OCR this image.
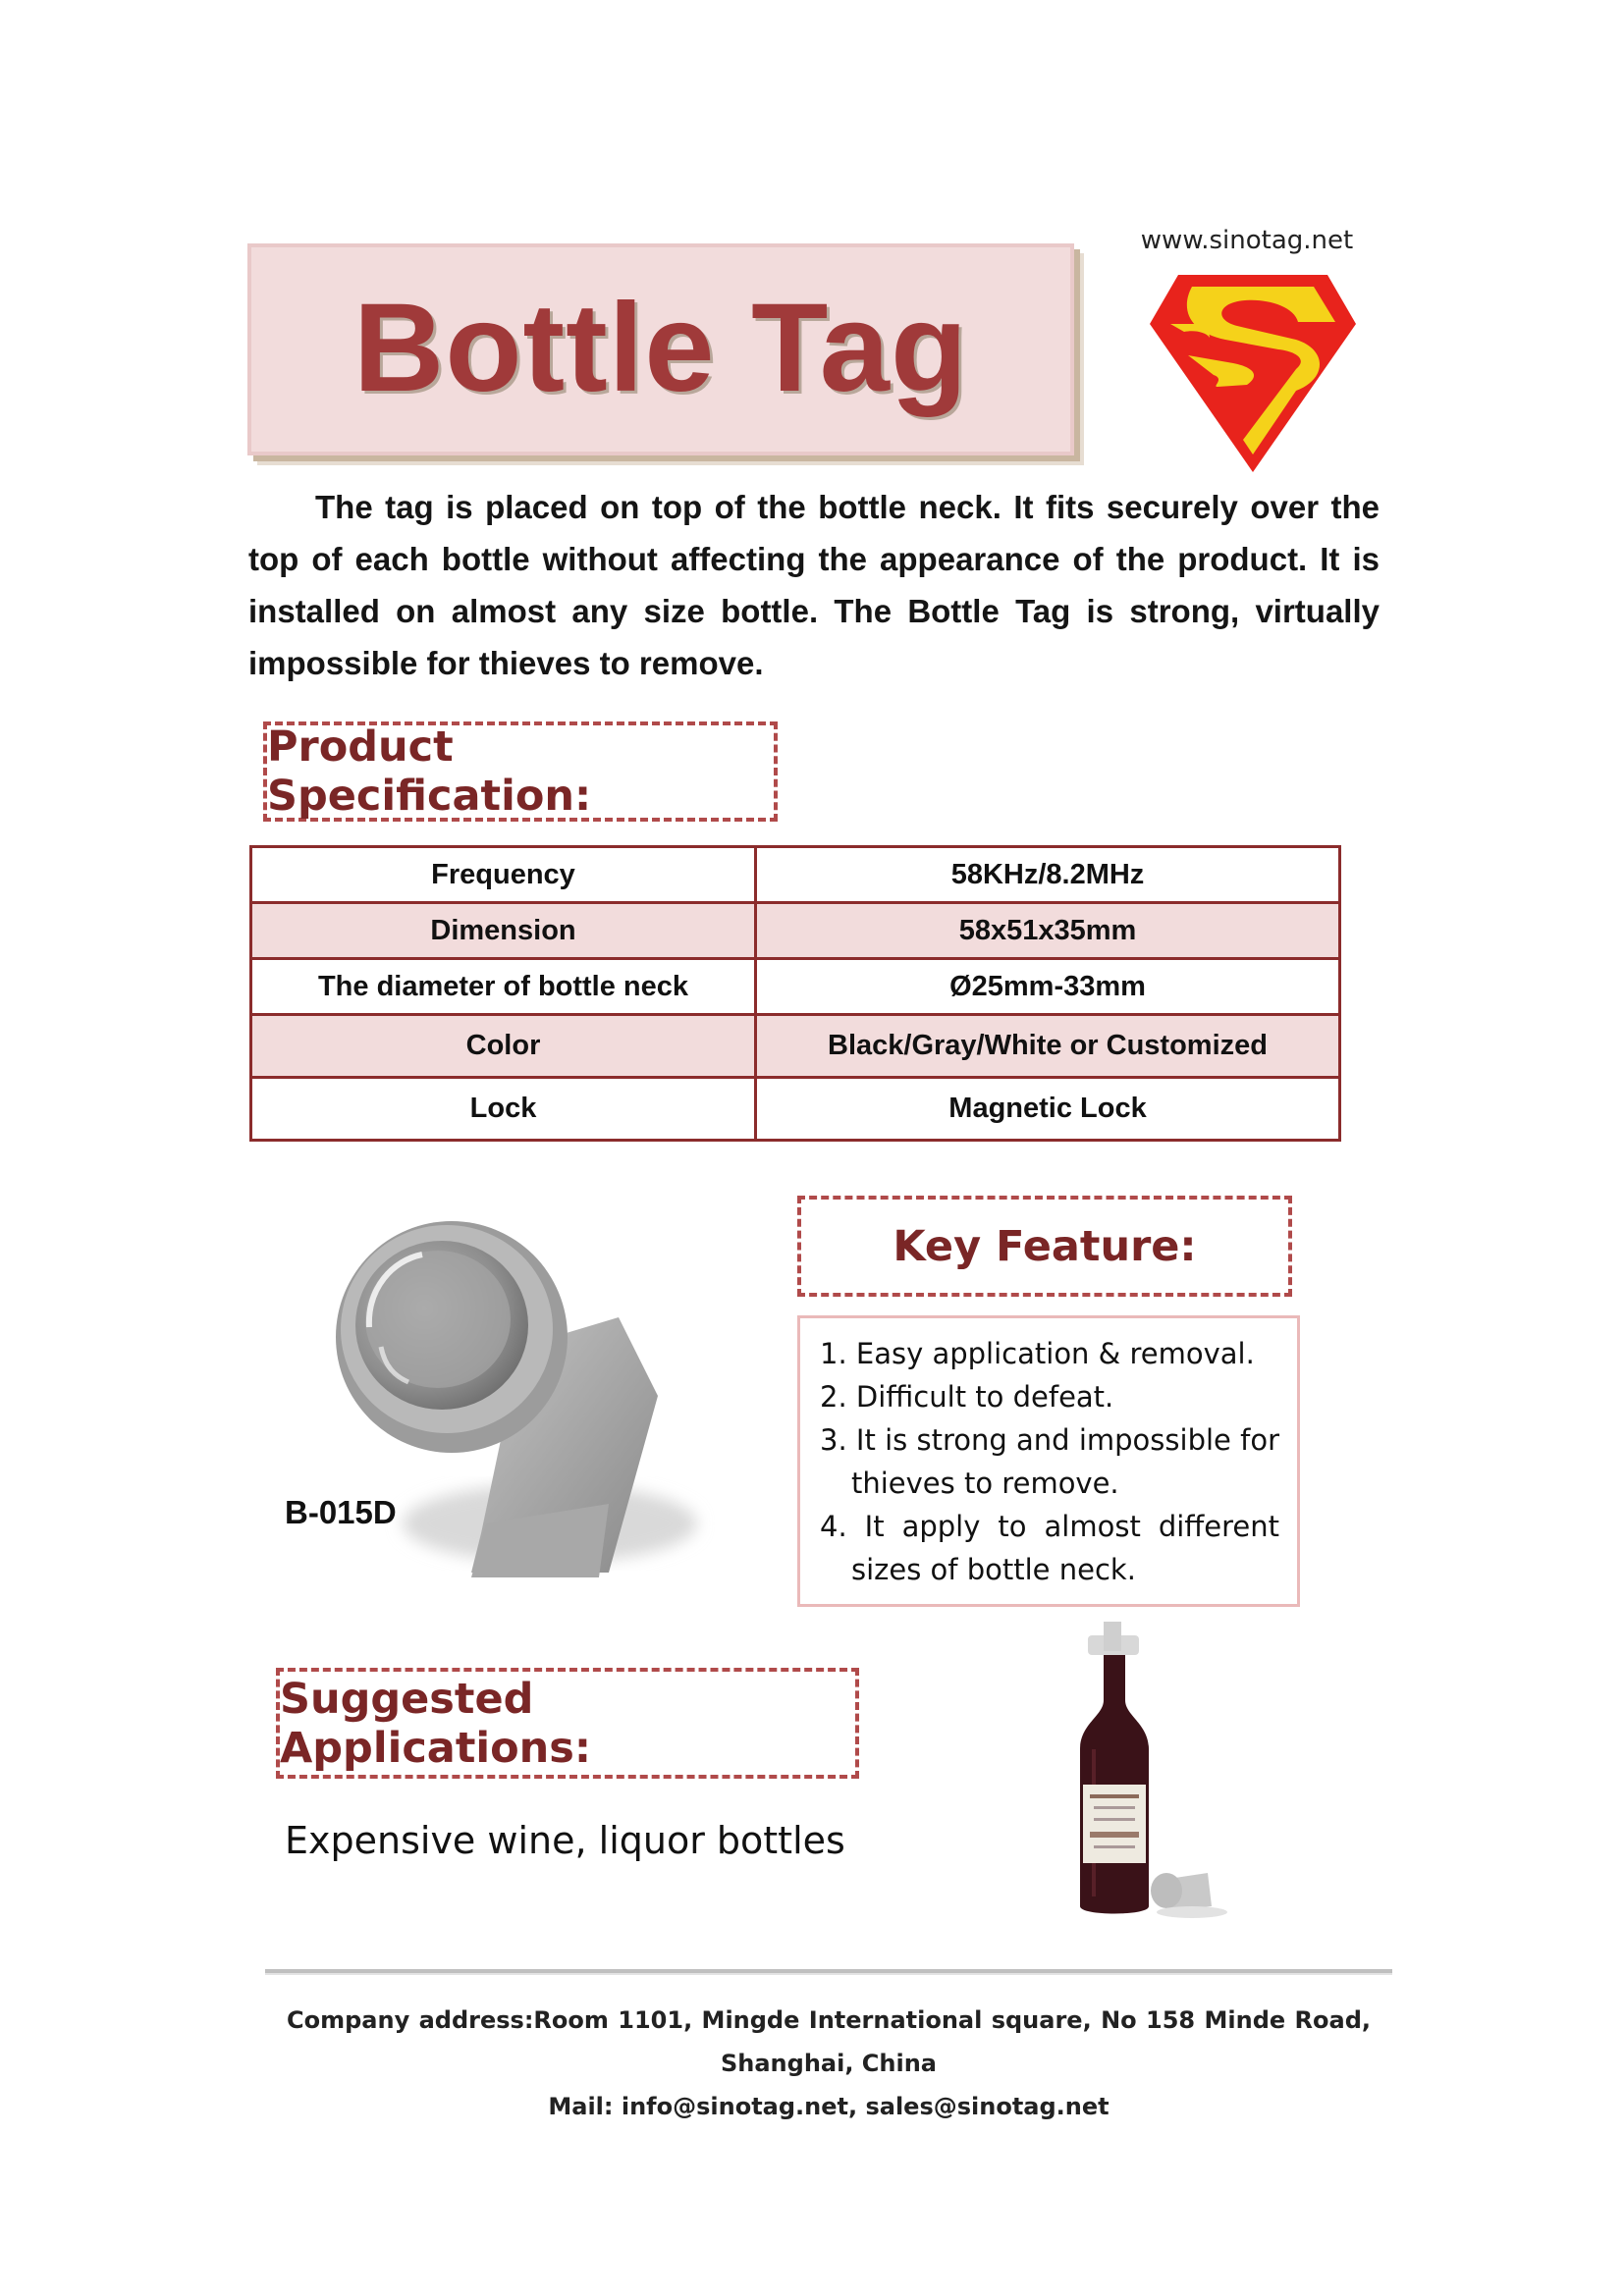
Bottle Tag
www.sinotag.net
The tag is placed on top of the bottle neck. It fits securely over the top of each bottle without affecting the appearance of the product. It is installed on almost any size bottle. The Bottle Tag is strong, virtually impossible for thieves to remove.
Product Specification:
Frequency	58KHz/8.2MHz
Dimension	58x51x35mm
The diameter of bottle neck	Ø25mm-33mm
Color	Black/Gray/White or Customized
Lock	Magnetic Lock
B-015D
Key Feature:
1. Easy application & removal.
2. Difficult to defeat.
3. It is strong and impossible for thieves to remove.
4. It apply to almost different sizes of bottle neck.
Suggested Applications:
Expensive wine, liquor bottles
Company address:Room 1101, Mingde International square, No 158 Minde Road, Shanghai, China
Mail: info@sinotag.net, sales@sinotag.net
